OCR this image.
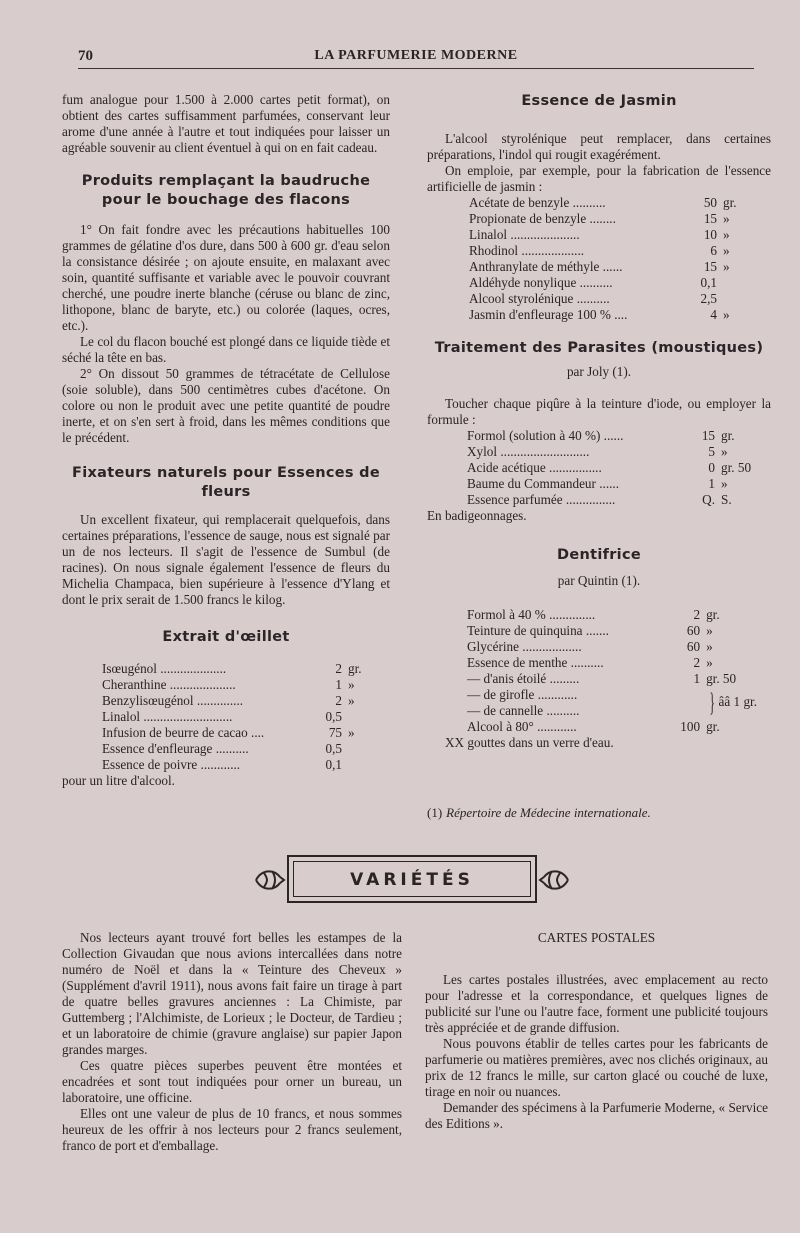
70	LA PARFUMERIE MODERNE

fum analogue pour 1.500 à 2.000 cartes petit format), on obtient des cartes suffisamment parfumées, conservant leur arome d'une année à l'autre et tout indiquées pour laisser un agréable souvenir au client éventuel à qui on en fait cadeau.

Produits remplaçant la baudruche
pour le bouchage des flacons

1° On fait fondre avec les précautions habituelles 100 grammes de gélatine d'os dure, dans 500 à 600 gr. d'eau selon la consistance désirée ; on ajoute ensuite, en malaxant avec soin, quantité suffisante et variable avec le pouvoir couvrant cherché, une poudre inerte blanche (céruse ou blanc de zinc, lithopone, blanc de baryte, etc.) ou colorée (laques, ocres, etc.).

Le col du flacon bouché est plongé dans ce liquide tiède et séché la tête en bas.

2° On dissout 50 grammes de tétracétate de Cellulose (soie soluble), dans 500 centimètres cubes d'acétone. On colore ou non le produit avec une petite quantité de poudre inerte, et on s'en sert à froid, dans les mêmes conditions que le précédent.

Fixateurs naturels pour Essences de fleurs

Un excellent fixateur, qui remplacerait quelquefois, dans certaines préparations, l'essence de sauge, nous est signalé par un de nos lecteurs. Il s'agit de l'essence de Sumbul (de racines). On nous signale également l'essence de fleurs du Michelia Champaca, bien supérieure à l'essence d'Ylang et dont le prix serait de 1.500 francs le kilog.

Extrait d'œillet
Isœugénol ....................	2	gr.
Cheranthine ....................	1	»
Benzylisœugénol ..............	2	»
Linalol ...........................	0,5	
Infusion de beurre de cacao ....	75	»
Essence d'enfleurage ..........	0,5	
Essence de poivre ............	0,1	

pour un litre d'alcool.

Essence de Jasmin

L'alcool styrolénique peut remplacer, dans certaines préparations, l'indol qui rougit exagérément.

On emploie, par exemple, pour la fabrication de l'essence artificielle de jasmin :

Acétate de benzyle ..........	50	gr.
Propionate de benzyle ........	15	»
Linalol .....................	10	»
Rhodinol ...................	6	»
Anthranylate de méthyle ......	15	»
Aldéhyde nonylique ..........	0,1	
Alcool styrolénique ..........	2,5	
Jasmin d'enfleurage 100 % ....	4	»
Traitement des Parasites (moustiques)
par Joly (1).

Toucher chaque piqûre à la teinture d'iode, ou employer la formule :

Formol (solution à 40 %) ......	15	gr.
Xylol ...........................	5	»
Acide acétique ................	0	gr. 50
Baume du Commandeur ......	1	»
Essence parfumée ...............	Q.	S.

En badigeonnages.

Dentifrice
par Quintin (1).
Formol à 40 % ..............	2	gr.
Teinture de quinquina .......	60	»
Glycérine ..................	60	»
Essence de menthe ..........	2	»
— d'anis étoilé .........	1	gr. 50
— de girofle ............		} ââ 1 gr.
— de cannelle ..........		
Alcool à 80° ............	100	gr.

XX gouttes dans un verre d'eau.

(1) Répertoire de Médecine internationale.
VARIÉTÉS

Nos lecteurs ayant trouvé fort belles les estampes de la Collection Givaudan que nous avions intercallées dans notre numéro de Noël et dans la « Teinture des Cheveux » (Supplément d'avril 1911), nous avons fait faire un tirage à part de quatre belles gravures anciennes : La Chimiste, par Guttemberg ; l'Alchimiste, de Lorieux ; le Docteur, de Tardieu ; et un laboratoire de chimie (gravure anglaise) sur papier Japon grandes marges.

Ces quatre pièces superbes peuvent être montées et encadrées et sont tout indiquées pour orner un bureau, un laboratoire, une officine.

Elles ont une valeur de plus de 10 francs, et nous sommes heureux de les offrir à nos lecteurs pour 2 francs seulement, franco de port et d'emballage.

CARTES POSTALES

Les cartes postales illustrées, avec emplacement au recto pour l'adresse et la correspondance, et quelques lignes de publicité sur l'une ou l'autre face, forment une publicité toujours très appréciée et de grande diffusion.

Nous pouvons établir de telles cartes pour les fabricants de parfumerie ou matières premières, avec nos clichés originaux, au prix de 12 francs le mille, sur carton glacé ou couché de luxe, tirage en noir ou nuances.

Demander des spécimens à la Parfumerie Moderne, « Service des Editions ».
